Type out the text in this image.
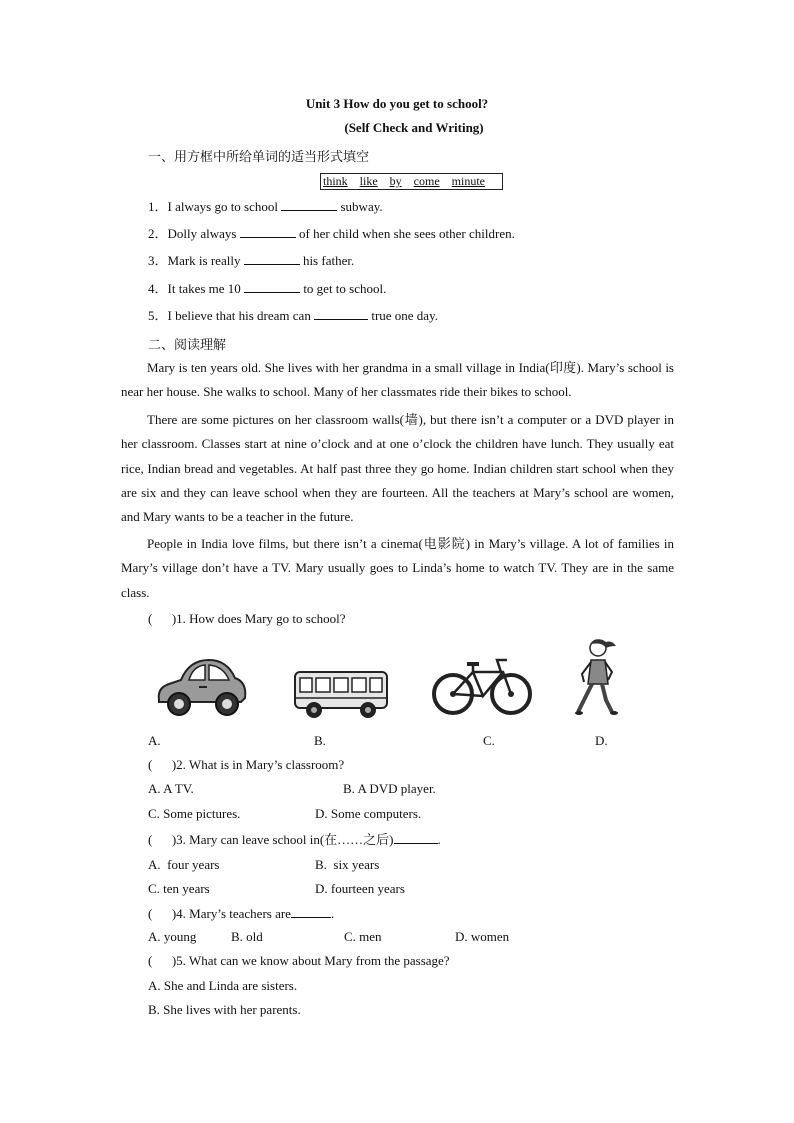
Unit 3 How do you get to school?
(Self Check and Writing)
一、用方框中所给单词的适当形式填空
think like by come minute
1．I always go to school	subway.
2．Dolly always	of her child when she sees other children.
3．Mark is really	his father.
4．It takes me 10	to get to school.
5．I believe that his dream can	true one day.
二、阅读理解
Mary is ten years old. She lives with her grandma in a small village in India(印度). Mary’s school is near her house. She walks to school. Many of her classmates ride their bikes to school.
There are some pictures on her classroom walls(墙), but there isn’t a computer or a DVD player in her classroom. Classes start at nine o’clock and at one o’clock the children have lunch. They usually eat rice, Indian bread and vegetables. At half past three they go home. Indian children start school when they are six and they can leave school when they are fourteen. All the teachers at Mary’s school are women, and Mary wants to be a teacher in the future.
People in India love films, but there isn’t a cinema(电影院) in Mary’s village. A lot of families in Mary’s village don’t have a TV. Mary usually goes to Linda’s home to watch TV. They are in the same class.
(      )1. How does Mary go to school?
A.	B.	C.	D.
(      )2. What is in Mary’s classroom?
A. A TV.	B. A DVD player.
C. Some pictures.	D. Some computers.
(      )3. Mary can leave school in(在……之后)	.
A.  four years	B.  six years
C. ten years	D. fourteen years
(      )4. Mary’s teachers are	.
A. young	B. old	C. men	D. women
(      )5. What can we know about Mary from the passage?
A. She and Linda are sisters.
B. She lives with her parents.
